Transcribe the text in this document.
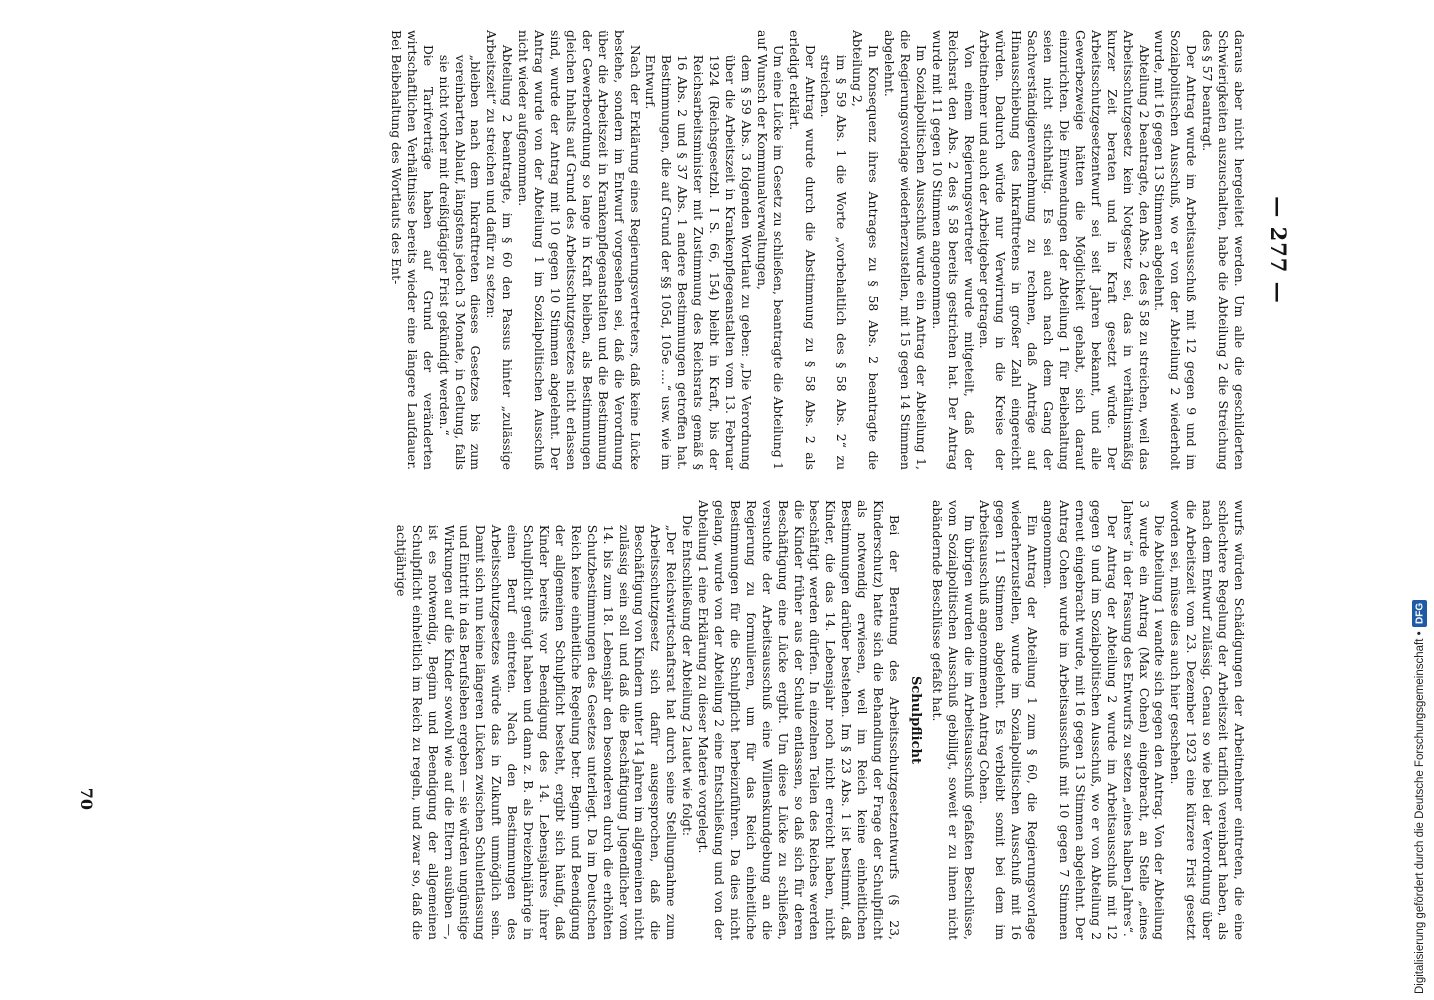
— 277 —

daraus aber nicht hergeleitet werden. Um alle die geschilderten Schwierigkeiten auszuschalten, habe die Abteilung 2 die Streichung des § 57 beantragt.

Der Antrag wurde im Arbeitsausschuß mit 12 gegen 9 und im Sozialpolitischen Ausschuß, wo er von der Abteilung 2 wiederholt wurde, mit 16 gegen 13 Stimmen abgelehnt.

Abteilung 2 beantragte, den Abs. 2 des § 58 zu streichen, weil das Arbeitsschutzgesetz kein Notgesetz sei, das in verhältnismäßig kurzer Zeit beraten und in Kraft gesetzt würde. Der Arbeitsschutzgesetzentwurf sei seit Jahren bekannt, und alle Gewerbezweige hätten die Möglichkeit gehabt, sich darauf einzurichten. Die Einwendungen der Abteilung 1 für Beibehaltung seien nicht stichhaltig. Es sei auch nach dem Gang der Sachverständigenvernehmung zu rechnen, daß Anträge auf Hinausschiebung des Inkrafttretens in großer Zahl eingereicht würden. Dadurch würde nur Verwirrung in die Kreise der Arbeitnehmer und auch der Arbeitgeber getragen.

Von einem Regierungsvertreter wurde mitgeteilt, daß der Reichsrat den Abs. 2 des § 58 bereits gestrichen hat. Der Antrag wurde mit 11 gegen 10 Stimmen angenommen.

Im Sozialpolitischen Ausschuß wurde ein Antrag der Abteilung 1, die Regierungsvorlage wiederherzustellen, mit 15 gegen 14 Stimmen abgelehnt.

In Konsequenz ihres Antrages zu § 58 Abs. 2 beantragte die Abteilung 2,

im § 59 Abs. 1 die Worte „vorbehaltlich des § 58 Abs. 2“ zu streichen.

Der Antrag wurde durch die Abstimmung zu § 58 Abs. 2 als erledigt erklärt.

Um eine Lücke im Gesetz zu schließen, beantragte die Abteilung 1 auf Wunsch der Kommunalverwaltungen,

dem § 59 Abs. 3 folgenden Wortlaut zu geben: „Die Verordnung über die Arbeitszeit in Krankenpflegeanstalten vom 13. Februar 1924 (Reichsgesetzbl. I S. 66, 154) bleibt in Kraft, bis der Reichsarbeitsminister mit Zustimmung des Reichsrats gemäß § 16 Abs. 2 und § 37 Abs. 1 andere Bestimmungen getroffen hat. Bestimmungen, die auf Grund der §§ 105d, 105e ....“ usw. wie im Entwurf.

Nach der Erklärung eines Regierungsvertreters, daß keine Lücke bestehe, sondern im Entwurf vorgesehen sei, daß die Verordnung über die Arbeitszeit in Krankenpflegeanstalten und die Bestimmung der Gewerbeordnung so lange in Kraft bleiben, als Bestimmungen gleichen Inhalts auf Grund des Arbeitsschutzgesetzes nicht erlassen sind, wurde der Antrag mit 10 gegen 10 Stimmen abgelehnt. Der Antrag wurde von der Abteilung 1 im Sozialpolitischen Ausschuß nicht wieder aufgenommen.

Abteilung 2 beantragte, im § 60 den Passus hinter „zulässige Arbeitszeit“ zu streichen und dafür zu setzen:

„bleiben nach dem Inkrafttreten dieses Gesetzes bis zum vereinbarten Ablauf, längstens jedoch 3 Monate, in Geltung, falls sie nicht vorher mit dreißigtägiger Frist gekündigt werden.“

Die Tarifverträge haben auf Grund der veränderten wirtschaftlichen Verhältnisse bereits wieder eine längere Laufdauer. Bei Beibehaltung des Wortlauts des Ent-

wurfs würden Schädigungen der Arbeitnehmer eintreten, die eine schlechtere Regelung der Arbeitszeit tariflich vereinbart haben, als nach dem Entwurf zulässig. Genau so wie bei der Verordnung über die Arbeitszeit vom 23. Dezember 1923 eine kürzere Frist gesetzt worden sei, müsse dies auch hier geschehen.

Die Abteilung 1 wandte sich gegen den Antrag. Von der Abteilung 3 wurde ein Antrag (Max Cohen) eingebracht, an Stelle „eines Jahres“ in der Fassung des Entwurfs zu setzen „eines halben Jahres“.

Der Antrag der Abteilung 2 wurde im Arbeitsausschuß mit 12 gegen 9 und im Sozialpolitischen Ausschuß, wo er von Abteilung 2 erneut eingebracht wurde, mit 16 gegen 13 Stimmen abgelehnt. Der Antrag Cohen wurde im Arbeitsausschuß mit 10 gegen 7 Stimmen angenommen.

Ein Antrag der Abteilung 1 zum § 60, die Regierungsvorlage wiederherzustellen, wurde im Sozialpolitischen Ausschuß mit 16 gegen 11 Stimmen abgelehnt. Es verbleibt somit bei dem im Arbeitsausschuß angenommenen Antrag Cohen.

Im übrigen wurden die im Arbeitsausschuß gefaßten Beschlüsse, vom Sozialpolitischen Ausschuß gebilligt, soweit er zu ihnen nicht abändernde Beschlüsse gefaßt hat.

Schulpflicht

Bei der Beratung des Arbeitsschutzgesetzentwurfs (§ 23, Kinderschutz) hatte sich die Behandlung der Frage der Schulpflicht als notwendig erwiesen, weil im Reich keine einheitlichen Bestimmungen darüber bestehen. Im § 23 Abs. 1 ist bestimmt, daß Kinder, die das 14. Lebensjahr noch nicht erreicht haben, nicht beschäftigt werden dürfen. In einzelnen Teilen des Reiches werden die Kinder früher aus der Schule entlassen, so daß sich für deren Beschäftigung eine Lücke ergibt. Um diese Lücke zu schließen, versuchte der Arbeitsausschuß eine Willenskundgebung an die Regierung zu formulieren, um für das Reich einheitliche Bestimmungen für die Schulpflicht herbeizuführen. Da dies nicht gelang, wurde von der Abteilung 2 eine Entschließung und von der Abteilung 1 eine Erklärung zu dieser Materie vorgelegt.

Die Entschließung der Abteilung 2 lautet wie folgt:

„Der Reichswirtschaftsrat hat durch seine Stellungnahme zum Arbeitsschutzgesetz sich dafür ausgesprochen, daß die Beschäftigung von Kindern unter 14 Jahren im allgemeinen nicht zulässig sein soll und daß die Beschäftigung Jugendlicher vom 14. bis zum 18. Lebensjahr den besonderen durch die erhöhten Schutzbestimmungen des Gesetzes unterliegt. Da im Deutschen Reich keine einheitliche Regelung betr. Beginn und Beendigung der allgemeinen Schulpflicht besteht, ergibt sich häufig, daß Kinder bereits vor Beendigung des 14. Lebensjahres ihrer Schulpflicht genügt haben und dann z. B. als Dreizehnjährige in einen Beruf eintreten. Nach den Bestimmungen des Arbeitsschutzgesetzes würde das in Zukunft unmöglich sein. Damit sich nun keine längeren Lücken zwischen Schulentlassung und Eintritt in das Berufsleben ergeben — sie würden ungünstige Wirkungen auf die Kinder sowohl wie auf die Eltern ausüben —, ist es notwendig, Beginn und Beendigung der allgemeinen Schulpflicht einheitlich im Reich zu regeln, und zwar so, daß die achtjährige

70	Digitalisierung gefördert durch die Deutsche Forschungsgemeinschaft •
DFG
